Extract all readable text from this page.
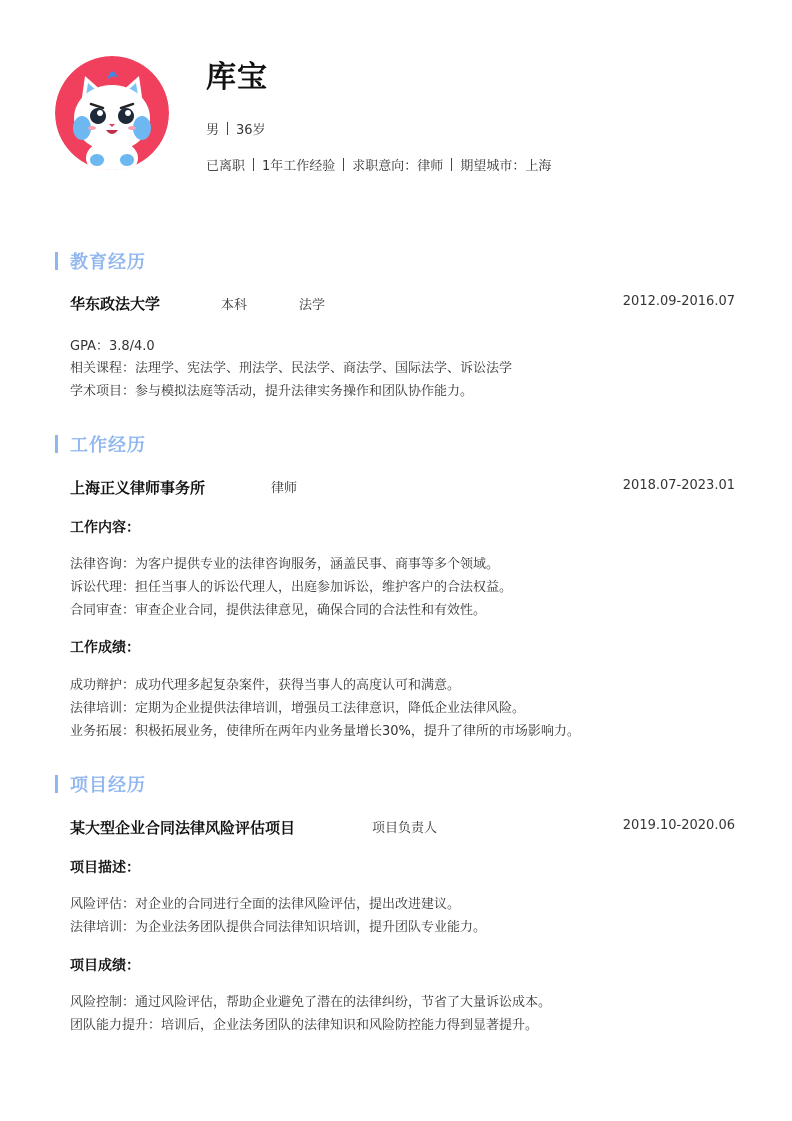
库宝
男 36岁
已离职 1年工作经验 求职意向：律师 期望城市：上海
教育经历
华东政法大学	本科	法学	2012.09-2016.07
GPA：3.8/4.0
相关课程：法理学、宪法学、刑法学、民法学、商法学、国际法学、诉讼法学
学术项目：参与模拟法庭等活动，提升法律实务操作和团队协作能力。
工作经历
上海正义律师事务所	律师	2018.07-2023.01
工作内容：
法律咨询：为客户提供专业的法律咨询服务，涵盖民事、商事等多个领域。
诉讼代理：担任当事人的诉讼代理人，出庭参加诉讼，维护客户的合法权益。
合同审查：审查企业合同，提供法律意见，确保合同的合法性和有效性。
工作成绩：
成功辩护：成功代理多起复杂案件，获得当事人的高度认可和满意。
法律培训：定期为企业提供法律培训，增强员工法律意识，降低企业法律风险。
业务拓展：积极拓展业务，使律所在两年内业务量增长30%，提升了律所的市场影响力。
项目经历
某大型企业合同法律风险评估项目	项目负责人	2019.10-2020.06
项目描述：
风险评估：对企业的合同进行全面的法律风险评估，提出改进建议。
法律培训：为企业法务团队提供合同法律知识培训，提升团队专业能力。
项目成绩：
风险控制：通过风险评估，帮助企业避免了潜在的法律纠纷，节省了大量诉讼成本。
团队能力提升：培训后，企业法务团队的法律知识和风险防控能力得到显著提升。
